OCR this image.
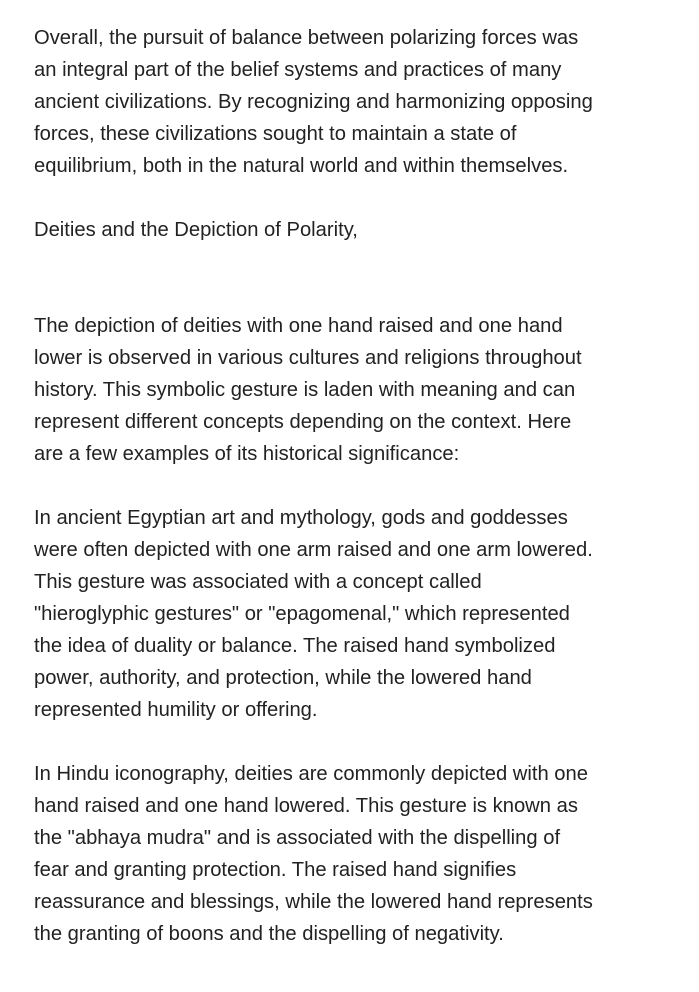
Overall, the pursuit of balance between polarizing forces was
an integral part of the belief systems and practices of many
ancient civilizations. By recognizing and harmonizing opposing
forces, these civilizations sought to maintain a state of
equilibrium, both in the natural world and within themselves.

Deities and the Depiction of Polarity,

The depiction of deities with one hand raised and one hand
lower is observed in various cultures and religions throughout
history. This symbolic gesture is laden with meaning and can
represent different concepts depending on the context. Here
are a few examples of its historical significance:

In ancient Egyptian art and mythology, gods and goddesses
were often depicted with one arm raised and one arm lowered.
This gesture was associated with a concept called
"hieroglyphic gestures" or "epagomenal," which represented
the idea of duality or balance. The raised hand symbolized
power, authority, and protection, while the lowered hand
represented humility or offering.

In Hindu iconography, deities are commonly depicted with one
hand raised and one hand lowered. This gesture is known as
the "abhaya mudra" and is associated with the dispelling of
fear and granting protection. The raised hand signifies
reassurance and blessings, while the lowered hand represents
the granting of boons and the dispelling of negativity.
